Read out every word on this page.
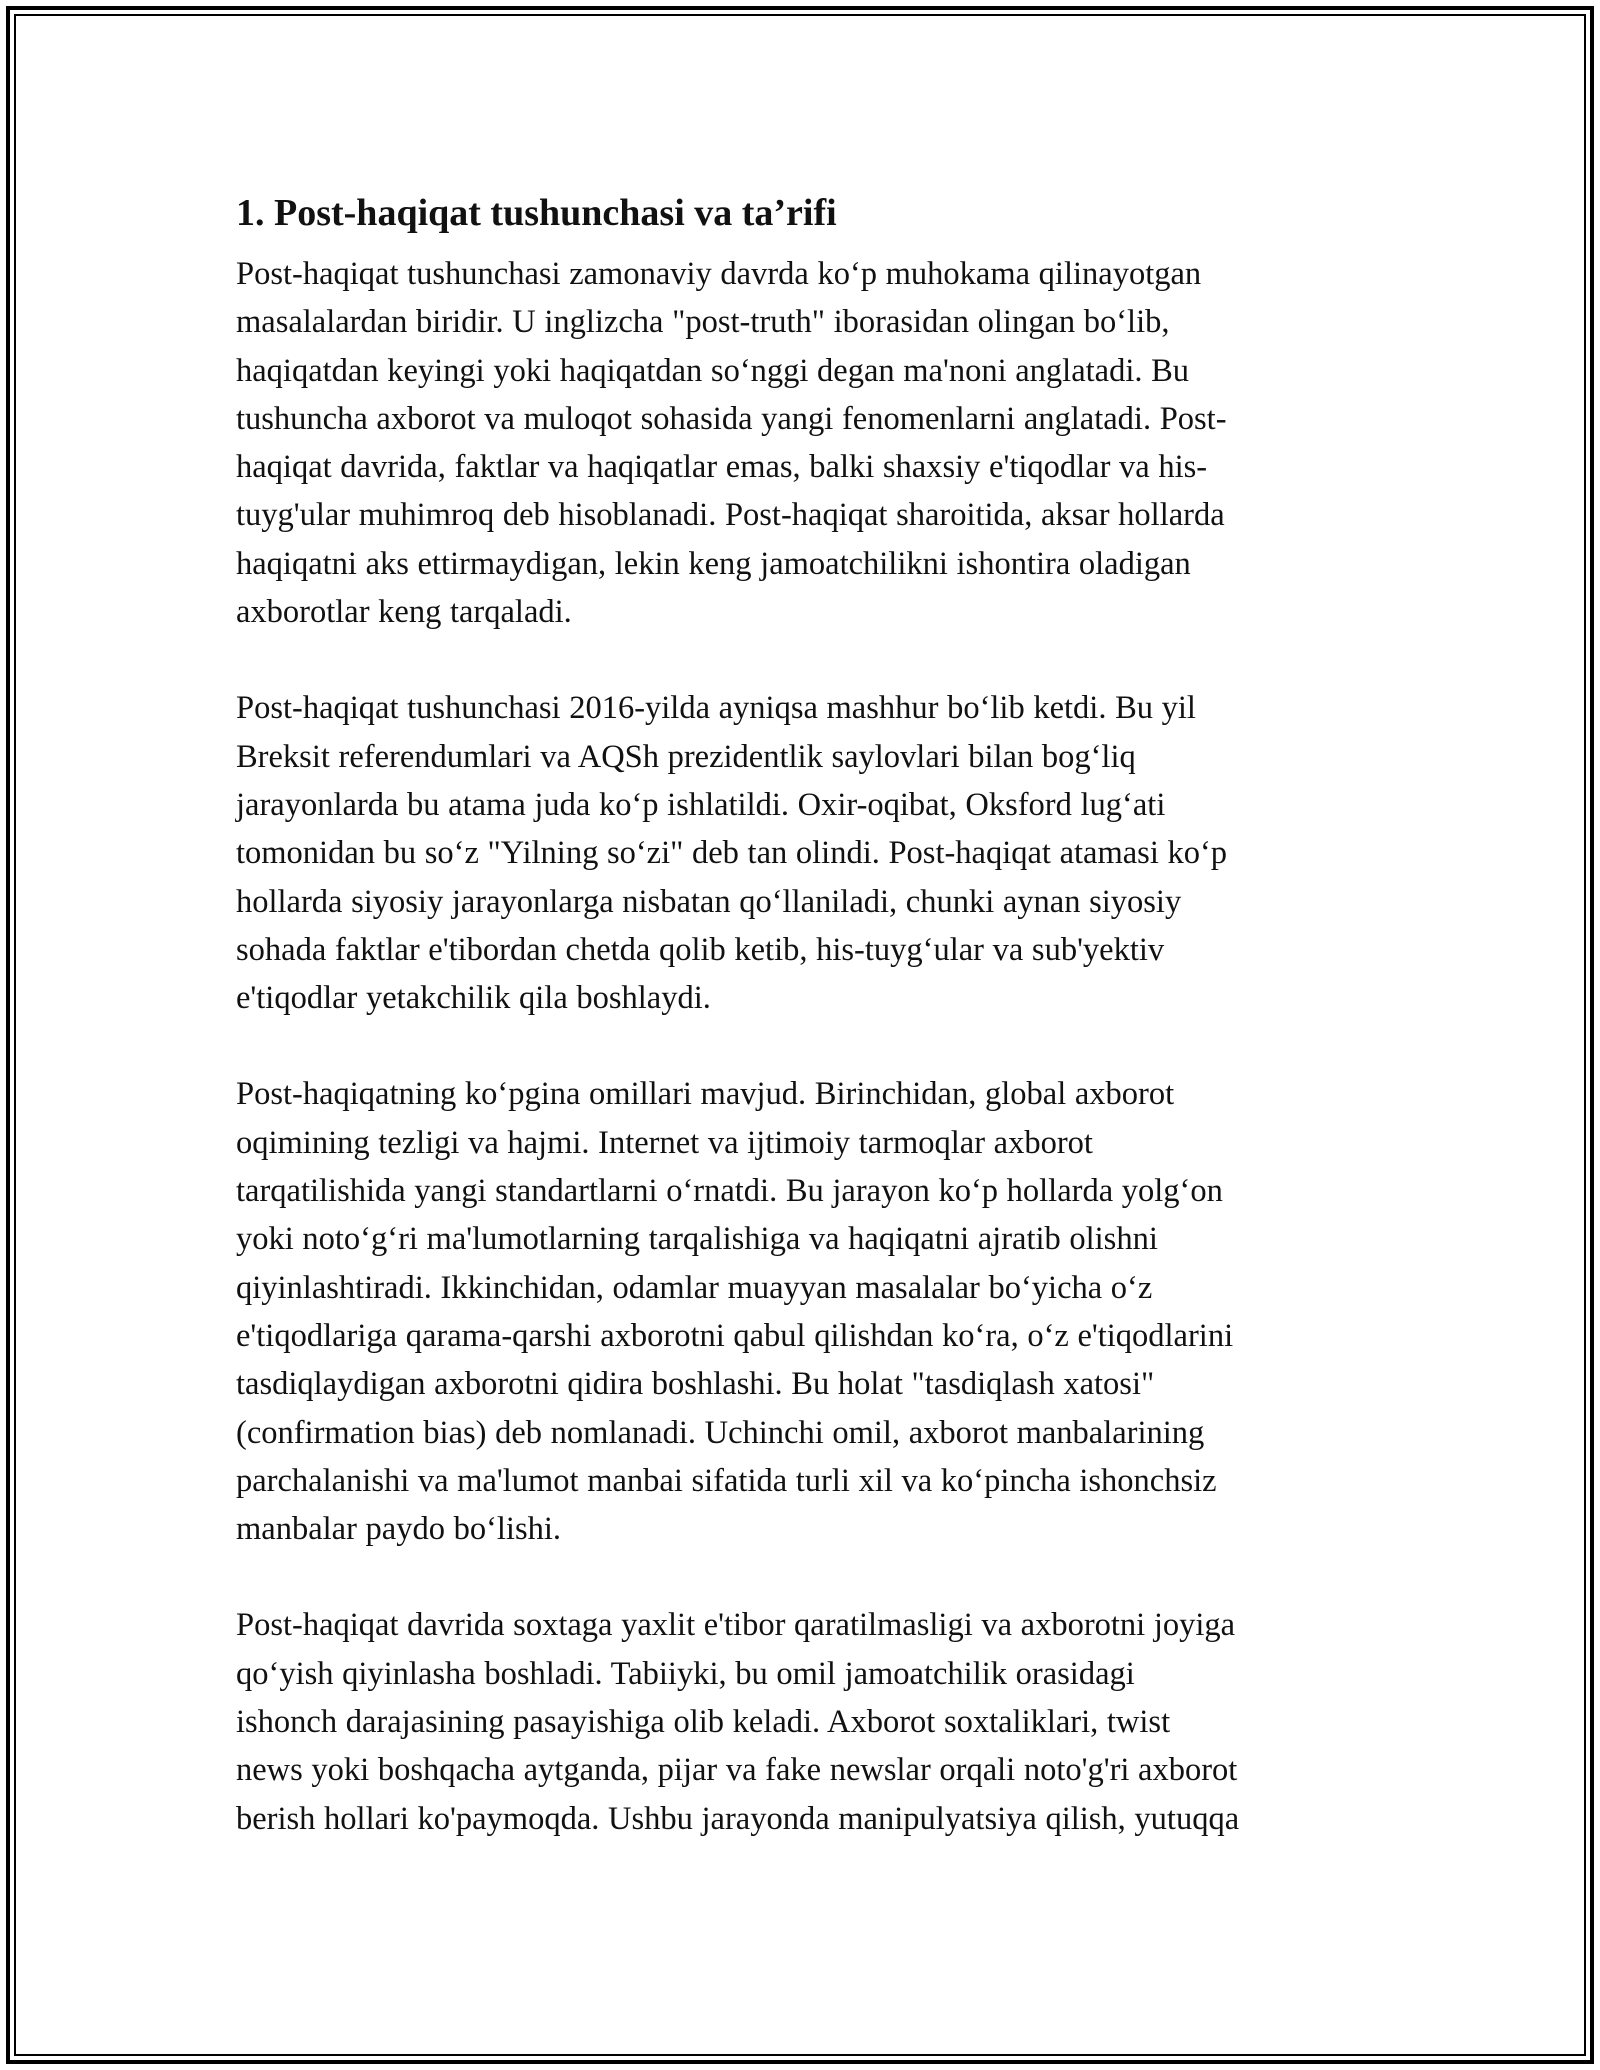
1. Post-haqiqat tushunchasi va ta’rifi

Post-haqiqat tushunchasi zamonaviy davrda ko‘p muhokama qilinayotgan
masalalardan biridir. U inglizcha "post-truth" iborasidan olingan bo‘lib,
haqiqatdan keyingi yoki haqiqatdan so‘nggi degan ma'noni anglatadi. Bu
tushuncha axborot va muloqot sohasida yangi fenomenlarni anglatadi. Post-
haqiqat davrida, faktlar va haqiqatlar emas, balki shaxsiy e'tiqodlar va his-
tuyg'ular muhimroq deb hisoblanadi. Post-haqiqat sharoitida, aksar hollarda
haqiqatni aks ettirmaydigan, lekin keng jamoatchilikni ishontira oladigan
axborotlar keng tarqaladi.

Post-haqiqat tushunchasi 2016-yilda ayniqsa mashhur bo‘lib ketdi. Bu yil
Breksit referendumlari va AQSh prezidentlik saylovlari bilan bog‘liq
jarayonlarda bu atama juda ko‘p ishlatildi. Oxir-oqibat, Oksford lug‘ati
tomonidan bu so‘z "Yilning so‘zi" deb tan olindi. Post-haqiqat atamasi ko‘p
hollarda siyosiy jarayonlarga nisbatan qo‘llaniladi, chunki aynan siyosiy
sohada faktlar e'tibordan chetda qolib ketib, his-tuyg‘ular va sub'yektiv
e'tiqodlar yetakchilik qila boshlaydi.

Post-haqiqatning ko‘pgina omillari mavjud. Birinchidan, global axborot
oqimining tezligi va hajmi. Internet va ijtimoiy tarmoqlar axborot
tarqatilishida yangi standartlarni o‘rnatdi. Bu jarayon ko‘p hollarda yolg‘on
yoki noto‘g‘ri ma'lumotlarning tarqalishiga va haqiqatni ajratib olishni
qiyinlashtiradi. Ikkinchidan, odamlar muayyan masalalar bo‘yicha o‘z
e'tiqodlariga qarama-qarshi axborotni qabul qilishdan ko‘ra, o‘z e'tiqodlarini
tasdiqlaydigan axborotni qidira boshlashi. Bu holat "tasdiqlash xatosi"
(confirmation bias) deb nomlanadi. Uchinchi omil, axborot manbalarining
parchalanishi va ma'lumot manbai sifatida turli xil va ko‘pincha ishonchsiz
manbalar paydo bo‘lishi.

Post-haqiqat davrida soxtaga yaxlit e'tibor qaratilmasligi va axborotni joyiga
qo‘yish qiyinlasha boshladi. Tabiiyki, bu omil jamoatchilik orasidagi
ishonch darajasining pasayishiga olib keladi. Axborot soxtaliklari, twist
news yoki boshqacha aytganda, pijar va fake newslar orqali noto'g'ri axborot
berish hollari ko'paymoqda. Ushbu jarayonda manipulyatsiya qilish, yutuqqa
